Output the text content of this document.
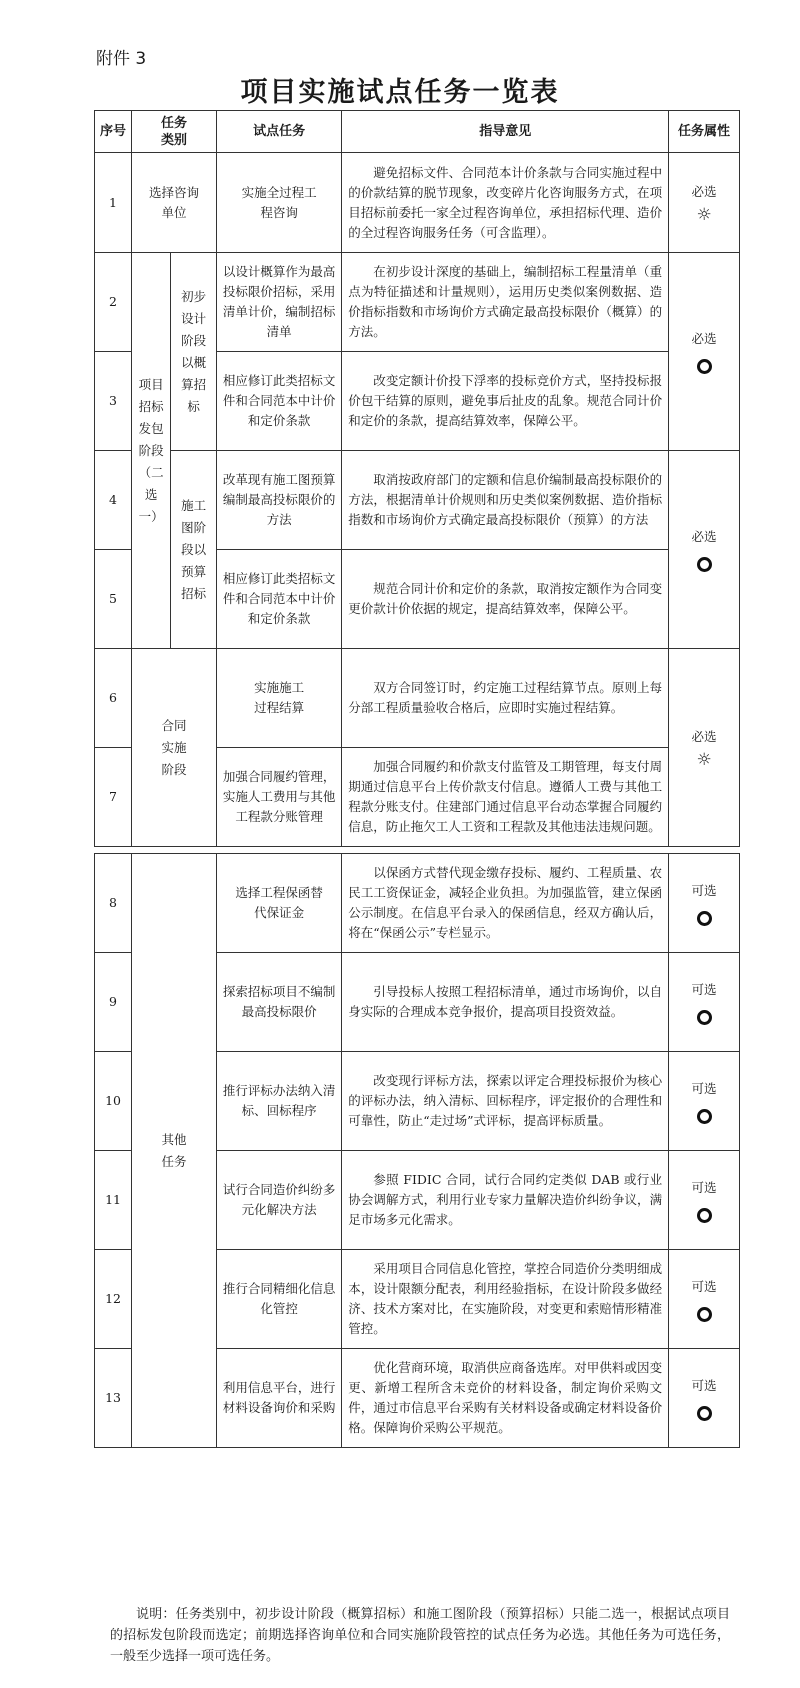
附件 3
项目实施试点任务一览表
序号	任务类别		试点任务	指导意见	任务属性
1	选择咨询单位		实施全过程工程咨询	避免招标文件、合同范本计价条款与合同实施过程中的价款结算的脱节现象，改变碎片化咨询服务方式，在项目招标前委托一家全过程咨询单位，承担招标代理、造价的全过程咨询服务任务（可含监理）。	必选
☼

2	项目招标发包阶段（二选一）	初步设计阶段以概算招标	以设计概算作为最高投标限价招标，采用清单计价，编制招标清单	在初步设计深度的基础上，编制招标工程量清单（重点为特征描述和计量规则），运用历史类似案例数据、造价指标指数和市场询价方式确定最高投标限价（概算）的方法。	必选

3			相应修订此类招标文件和合同范本中计价和定价条款	改变定额计价投下浮率的投标竞价方式，坚持投标报价包干结算的原则，避免事后扯皮的乱象。规范合同计价和定价的条款，提高结算效率，保障公平。	
4		施工图阶段以预算招标	改革现有施工图预算编制最高投标限价的方法	取消按政府部门的定额和信息价编制最高投标限价的方法，根据清单计价规则和历史类似案例数据、造价指标指数和市场询价方式确定最高投标限价（预算）的方法	必选

5			相应修订此类招标文件和合同范本中计价和定价条款	规范合同计价和定价的条款，取消按定额作为合同变更价款计价依据的规定，提高结算效率，保障公平。	
6	合同实施阶段		实施施工过程结算	双方合同签订时，约定施工过程结算节点。原则上每分部工程质量验收合格后，应即时实施过程结算。	必选
☼

7			加强合同履约管理，实施人工费用与其他工程款分账管理	加强合同履约和价款支付监管及工期管理，每支付周期通过信息平台上传价款支付信息。遵循人工费与其他工程款分账支付。住建部门通过信息平台动态掌握合同履约信息，防止拖欠工人工资和工程款及其他违法违规问题。	
8	其他任务	选择工程保函替代保证金	以保函方式替代现金缴存投标、履约、工程质量、农民工工资保证金，减轻企业负担。为加强监管，建立保函公示制度。在信息平台录入的保函信息，经双方确认后，将在“保函公示”专栏显示。	可选

9		探索招标项目不编制最高投标限价	引导投标人按照工程招标清单，通过市场询价，以自身实际的合理成本竞争报价，提高项目投资效益。	可选

10		推行评标办法纳入清标、回标程序	改变现行评标方法，探索以评定合理投标报价为核心的评标办法，纳入清标、回标程序，评定报价的合理性和可靠性，防止“走过场”式评标，提高评标质量。	可选

11		试行合同造价纠纷多元化解决方法	参照 FIDIC 合同，试行合同约定类似 DAB 或行业协会调解方式，利用行业专家力量解决造价纠纷争议，满足市场多元化需求。	可选

12		推行合同精细化信息化管控	采用项目合同信息化管控，掌控合同造价分类明细成本，设计限额分配表，利用经验指标，在设计阶段多做经济、技术方案对比，在实施阶段，对变更和索赔情形精准管控。	可选

13		利用信息平台，进行材料设备询价和采购	优化营商环境，取消供应商备选库。对甲供料或因变更、新增工程所含未竞价的材料设备，制定询价采购文件，通过市信息平台采购有关材料设备或确定材料设备价格。保障询价采购公平规范。	可选
说明：任务类别中，初步设计阶段（概算招标）和施工图阶段（预算招标）只能二选一，根据试点项目的招标发包阶段而选定；前期选择咨询单位和合同实施阶段管控的试点任务为必选。其他任务为可选任务，一般至少选择一项可选任务。
